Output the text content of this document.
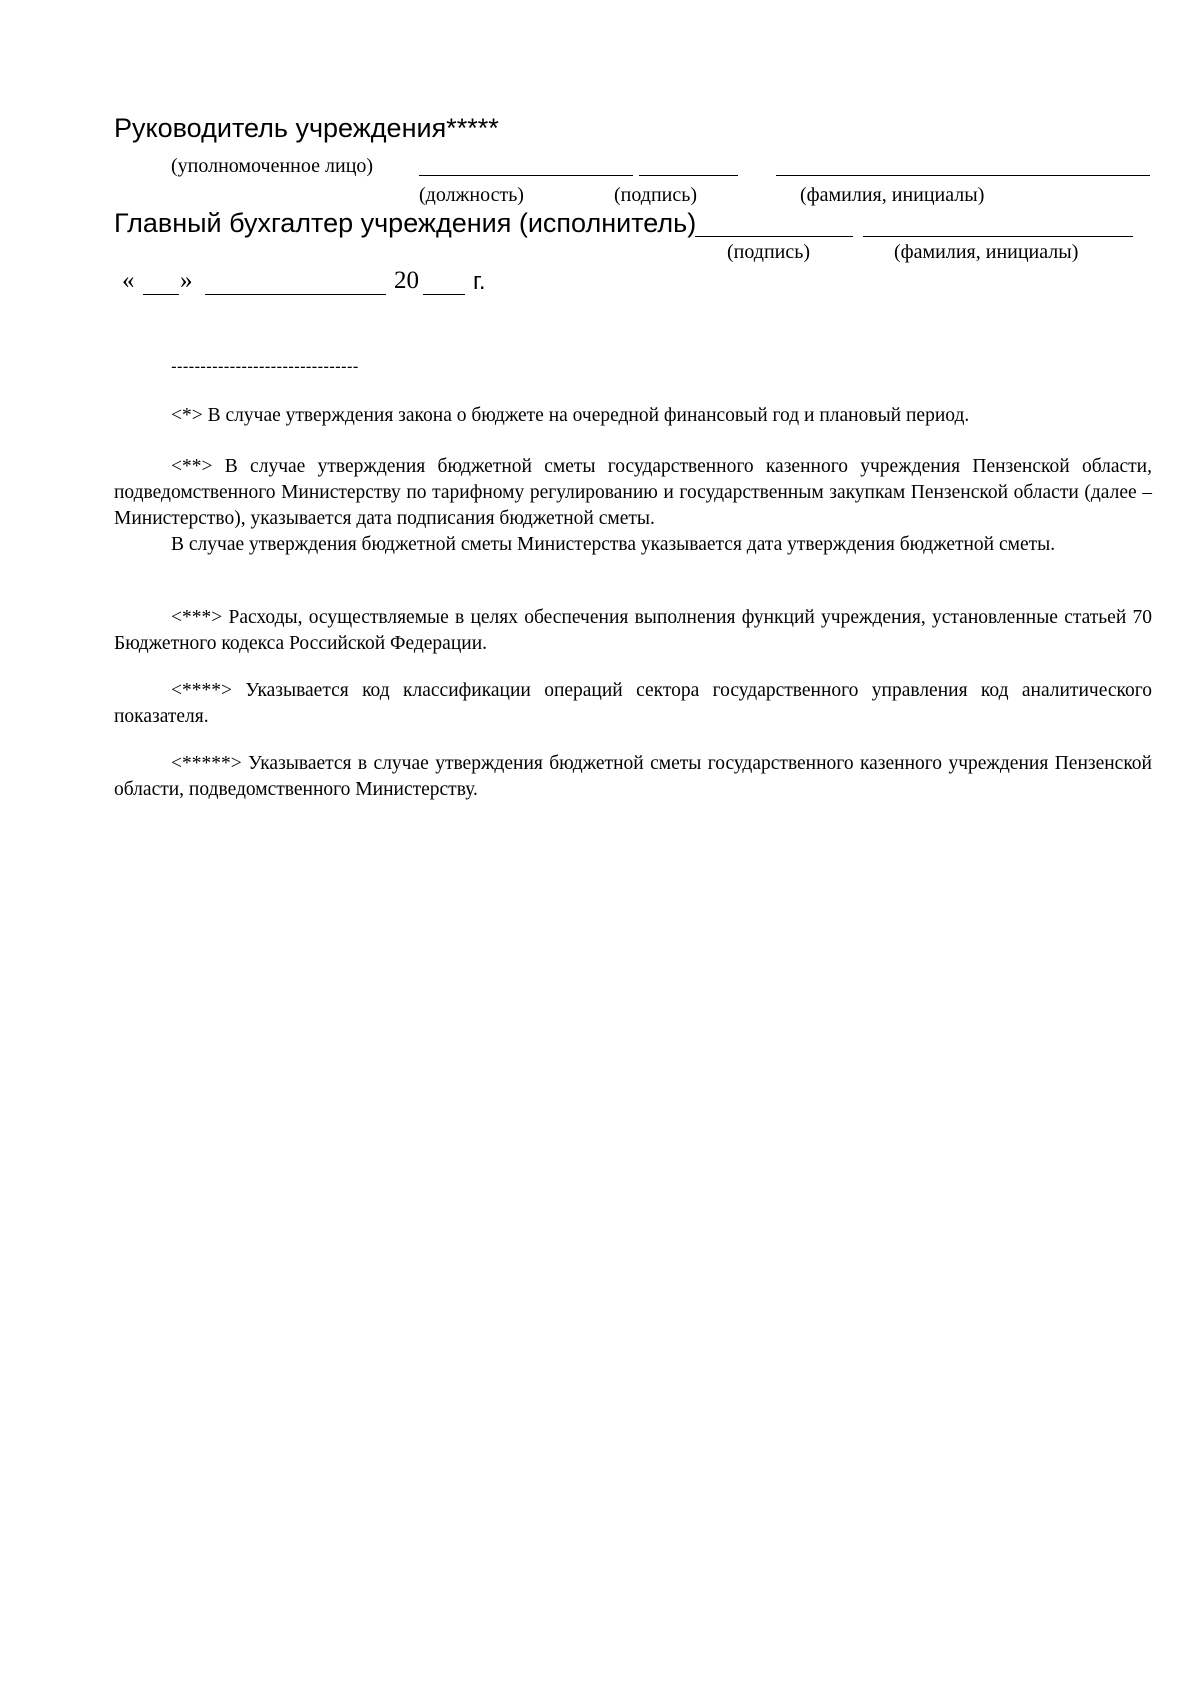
Руководитель учреждения*****
(уполномоченное лицо)
(должность)	(подпись)	(фамилия, инициалы)
Главный бухгалтер учреждения (исполнитель)
(подпись)	(фамилия, инициалы)
« »	20 г.
--------------------------------

<*> В случае утверждения закона о бюджете на очередной финансовый год и плановый период.

<**> В случае утверждения бюджетной сметы государственного казенного учреждения Пензенской области, подведомственного Министерству по тарифному регулированию и государственным закупкам Пензенской области (далее – Министерство), указывается дата подписания бюджетной сметы.

В случае утверждения бюджетной сметы Министерства указывается дата утверждения бюджетной сметы.

<***> Расходы, осуществляемые в целях обеспечения выполнения функций учреждения, установленные статьей 70 Бюджетного кодекса Российской Федерации.

<****> Указывается код классификации операций сектора государственного управления код аналитического показателя.

<*****> Указывается в случае утверждения бюджетной сметы государственного казенного учреждения Пензенской области, подведомственного Министерству.
